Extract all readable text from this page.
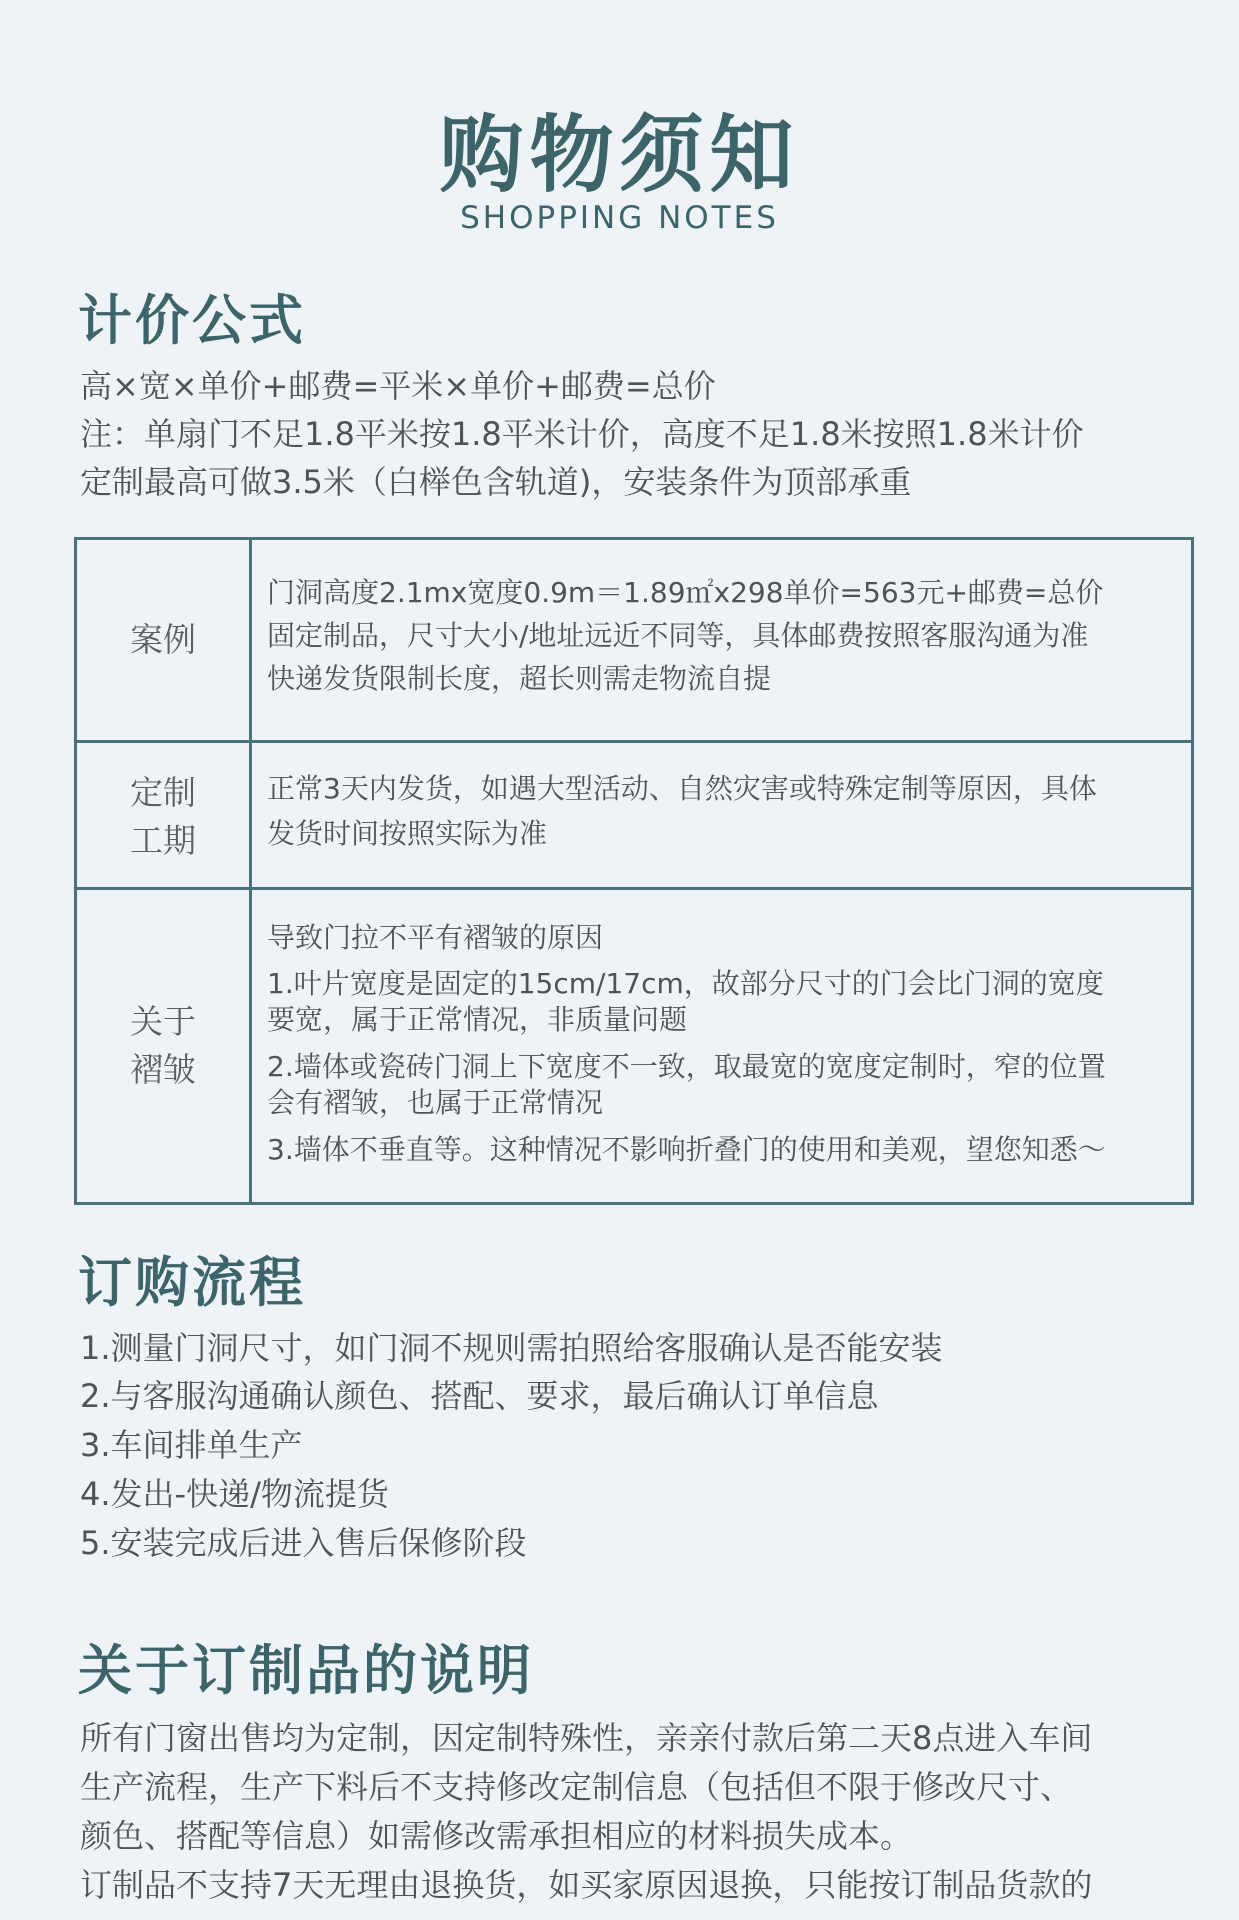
购物须知
SHOPPING NOTES
计价公式
高×宽×单价+邮费=平米×单价+邮费=总价
注：单扇门不足1.8平米按1.8平米计价，高度不足1.8米按照1.8米计价
定制最高可做3.5米（白榉色含轨道)，安装条件为顶部承重
案例
门洞高度2.1mx宽度0.9m＝1.89㎡x298单价=563元+邮费=总价
固定制品，尺寸大小/地址远近不同等，具体邮费按照客服沟通为准
快递发货限制长度，超长则需走物流自提
定制
工期
正常3天内发货，如遇大型活动、自然灾害或特殊定制等原因，具体
发货时间按照实际为准
关于
褶皱
导致门拉不平有褶皱的原因
1.叶片宽度是固定的15cm/17cm，故部分尺寸的门会比门洞的宽度
要宽，属于正常情况，非质量问题
2.墙体或瓷砖门洞上下宽度不一致，取最宽的宽度定制时，窄的位置
会有褶皱，也属于正常情况
3.墙体不垂直等。这种情况不影响折叠门的使用和美观，望您知悉～
订购流程
1.测量门洞尺寸，如门洞不规则需拍照给客服确认是否能安装
2.与客服沟通确认颜色、搭配、要求，最后确认订单信息
3.车间排单生产
4.发出-快递/物流提货
5.安装完成后进入售后保修阶段
关于订制品的说明
所有门窗出售均为定制，因定制特殊性，亲亲付款后第二天8点进入车间
生产流程，生产下料后不支持修改定制信息（包括但不限于修改尺寸、
颜色、搭配等信息）如需修改需承担相应的材料损失成本。
订制品不支持7天无理由退换货，如买家原因退换，只能按订制品货款的
